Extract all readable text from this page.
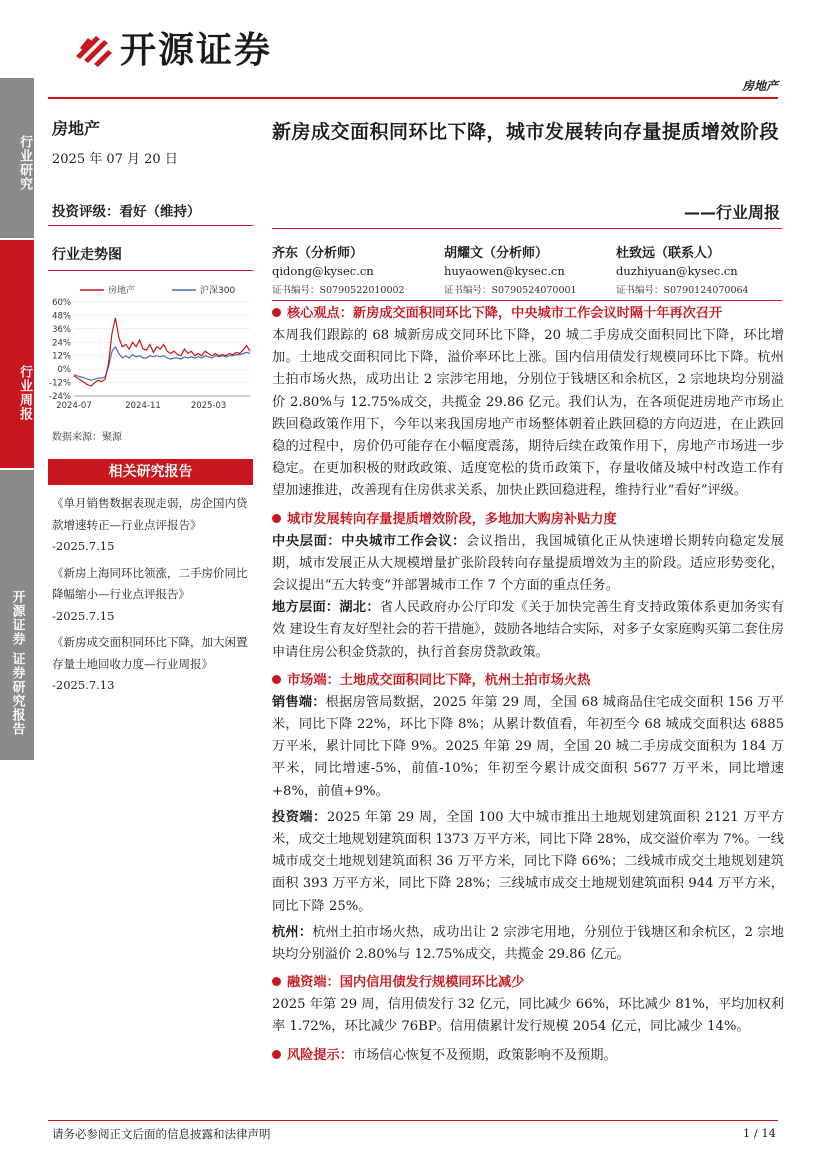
开源证券
房地产
行业研究
行业周报
开源证券
证券研究报告
房地产
2025 年 07 月 20 日
投资评级：看好（维持）
行业走势图
房地产	沪深300
60%
48%
36%
24%
12%
0%
-12%
-24%
2024-07	2024-11	2025-03
数据来源：聚源
相关研究报告
《单月销售数据表现走弱，房企国内贷款增速转正—行业点评报告》
-2025.7.15
《新房上海同环比领涨，二手房价同比降幅缩小—行业点评报告》
-2025.7.15
《新房成交面积同环比下降，加大闲置存量土地回收力度—行业周报》
-2025.7.13
新房成交面积同环比下降，城市发展转向存量提质增效阶段
——行业周报
齐东（分析师）
qidong@kysec.cn
证书编号：S0790522010002
胡耀文（分析师）
huyaowen@kysec.cn
证书编号：S0790524070001
杜致远（联系人）
duzhiyuan@kysec.cn
证书编号：S0790124070064
核心观点：新房成交面积同环比下降，中央城市工作会议时隔十年再次召开
本周我们跟踪的 68 城新房成交同环比下降，20 城二手房成交面积同比下降，环比增加。土地成交面积同比下降，溢价率环比上涨。国内信用债发行规模同环比下降。杭州土拍市场火热，成功出让 2 宗涉宅用地，分别位于钱塘区和余杭区，2 宗地块均分别溢价 2.80%与 12.75%成交，共揽金 29.86 亿元。我们认为，在各项促进房地产市场止跌回稳政策作用下，今年以来我国房地产市场整体朝着止跌回稳的方向迈进，在止跌回稳的过程中，房价仍可能存在小幅度震荡，期待后续在政策作用下，房地产市场进一步稳定。在更加积极的财政政策、适度宽松的货币政策下，存量收储及城中村改造工作有望加速推进，改善现有住房供求关系，加快止跌回稳进程，维持行业“看好”评级。
城市发展转向存量提质增效阶段，多地加大购房补贴力度
中央层面：中央城市工作会议：会议指出，我国城镇化正从快速增长期转向稳定发展期，城市发展正从大规模增量扩张阶段转向存量提质增效为主的阶段。适应形势变化，会议提出“五大转变”并部署城市工作 7 个方面的重点任务。
地方层面：湖北：省人民政府办公厅印发《关于加快完善生育支持政策体系更加务实有效 建设生育友好型社会的若干措施》，鼓励各地结合实际，对多子女家庭购买第二套住房申请住房公积金贷款的，执行首套房贷款政策。
市场端：土地成交面积同比下降，杭州土拍市场火热
销售端：根据房管局数据，2025 年第 29 周，全国 68 城商品住宅成交面积 156 万平米，同比下降 22%，环比下降 8%；从累计数值看，年初至今 68 城成交面积达 6885 万平米，累计同比下降 9%。2025 年第 29 周，全国 20 城二手房成交面积为 184 万平米，同比增速-5%，前值-10%；年初至今累计成交面积 5677 万平米，同比增速+8%，前值+9%。
投资端：2025 年第 29 周，全国 100 大中城市推出土地规划建筑面积 2121 万平方米，成交土地规划建筑面积 1373 万平方米，同比下降 28%，成交溢价率为 7%。一线城市成交土地规划建筑面积 36 万平方米，同比下降 66%；二线城市成交土地规划建筑面积 393 万平方米，同比下降 28%；三线城市成交土地规划建筑面积 944 万平方米，同比下降 25%。
杭州：杭州土拍市场火热，成功出让 2 宗涉宅用地，分别位于钱塘区和余杭区，2 宗地块均分别溢价 2.80%与 12.75%成交，共揽金 29.86 亿元。
融资端：国内信用债发行规模同环比减少
2025 年第 29 周，信用债发行 32 亿元，同比减少 66%，环比减少 81%，平均加权利率 1.72%，环比减少 76BP。信用债累计发行规模 2054 亿元，同比减少 14%。
风险提示：市场信心恢复不及预期，政策影响不及预期。
请务必参阅正文后面的信息披露和法律声明	1 / 14
